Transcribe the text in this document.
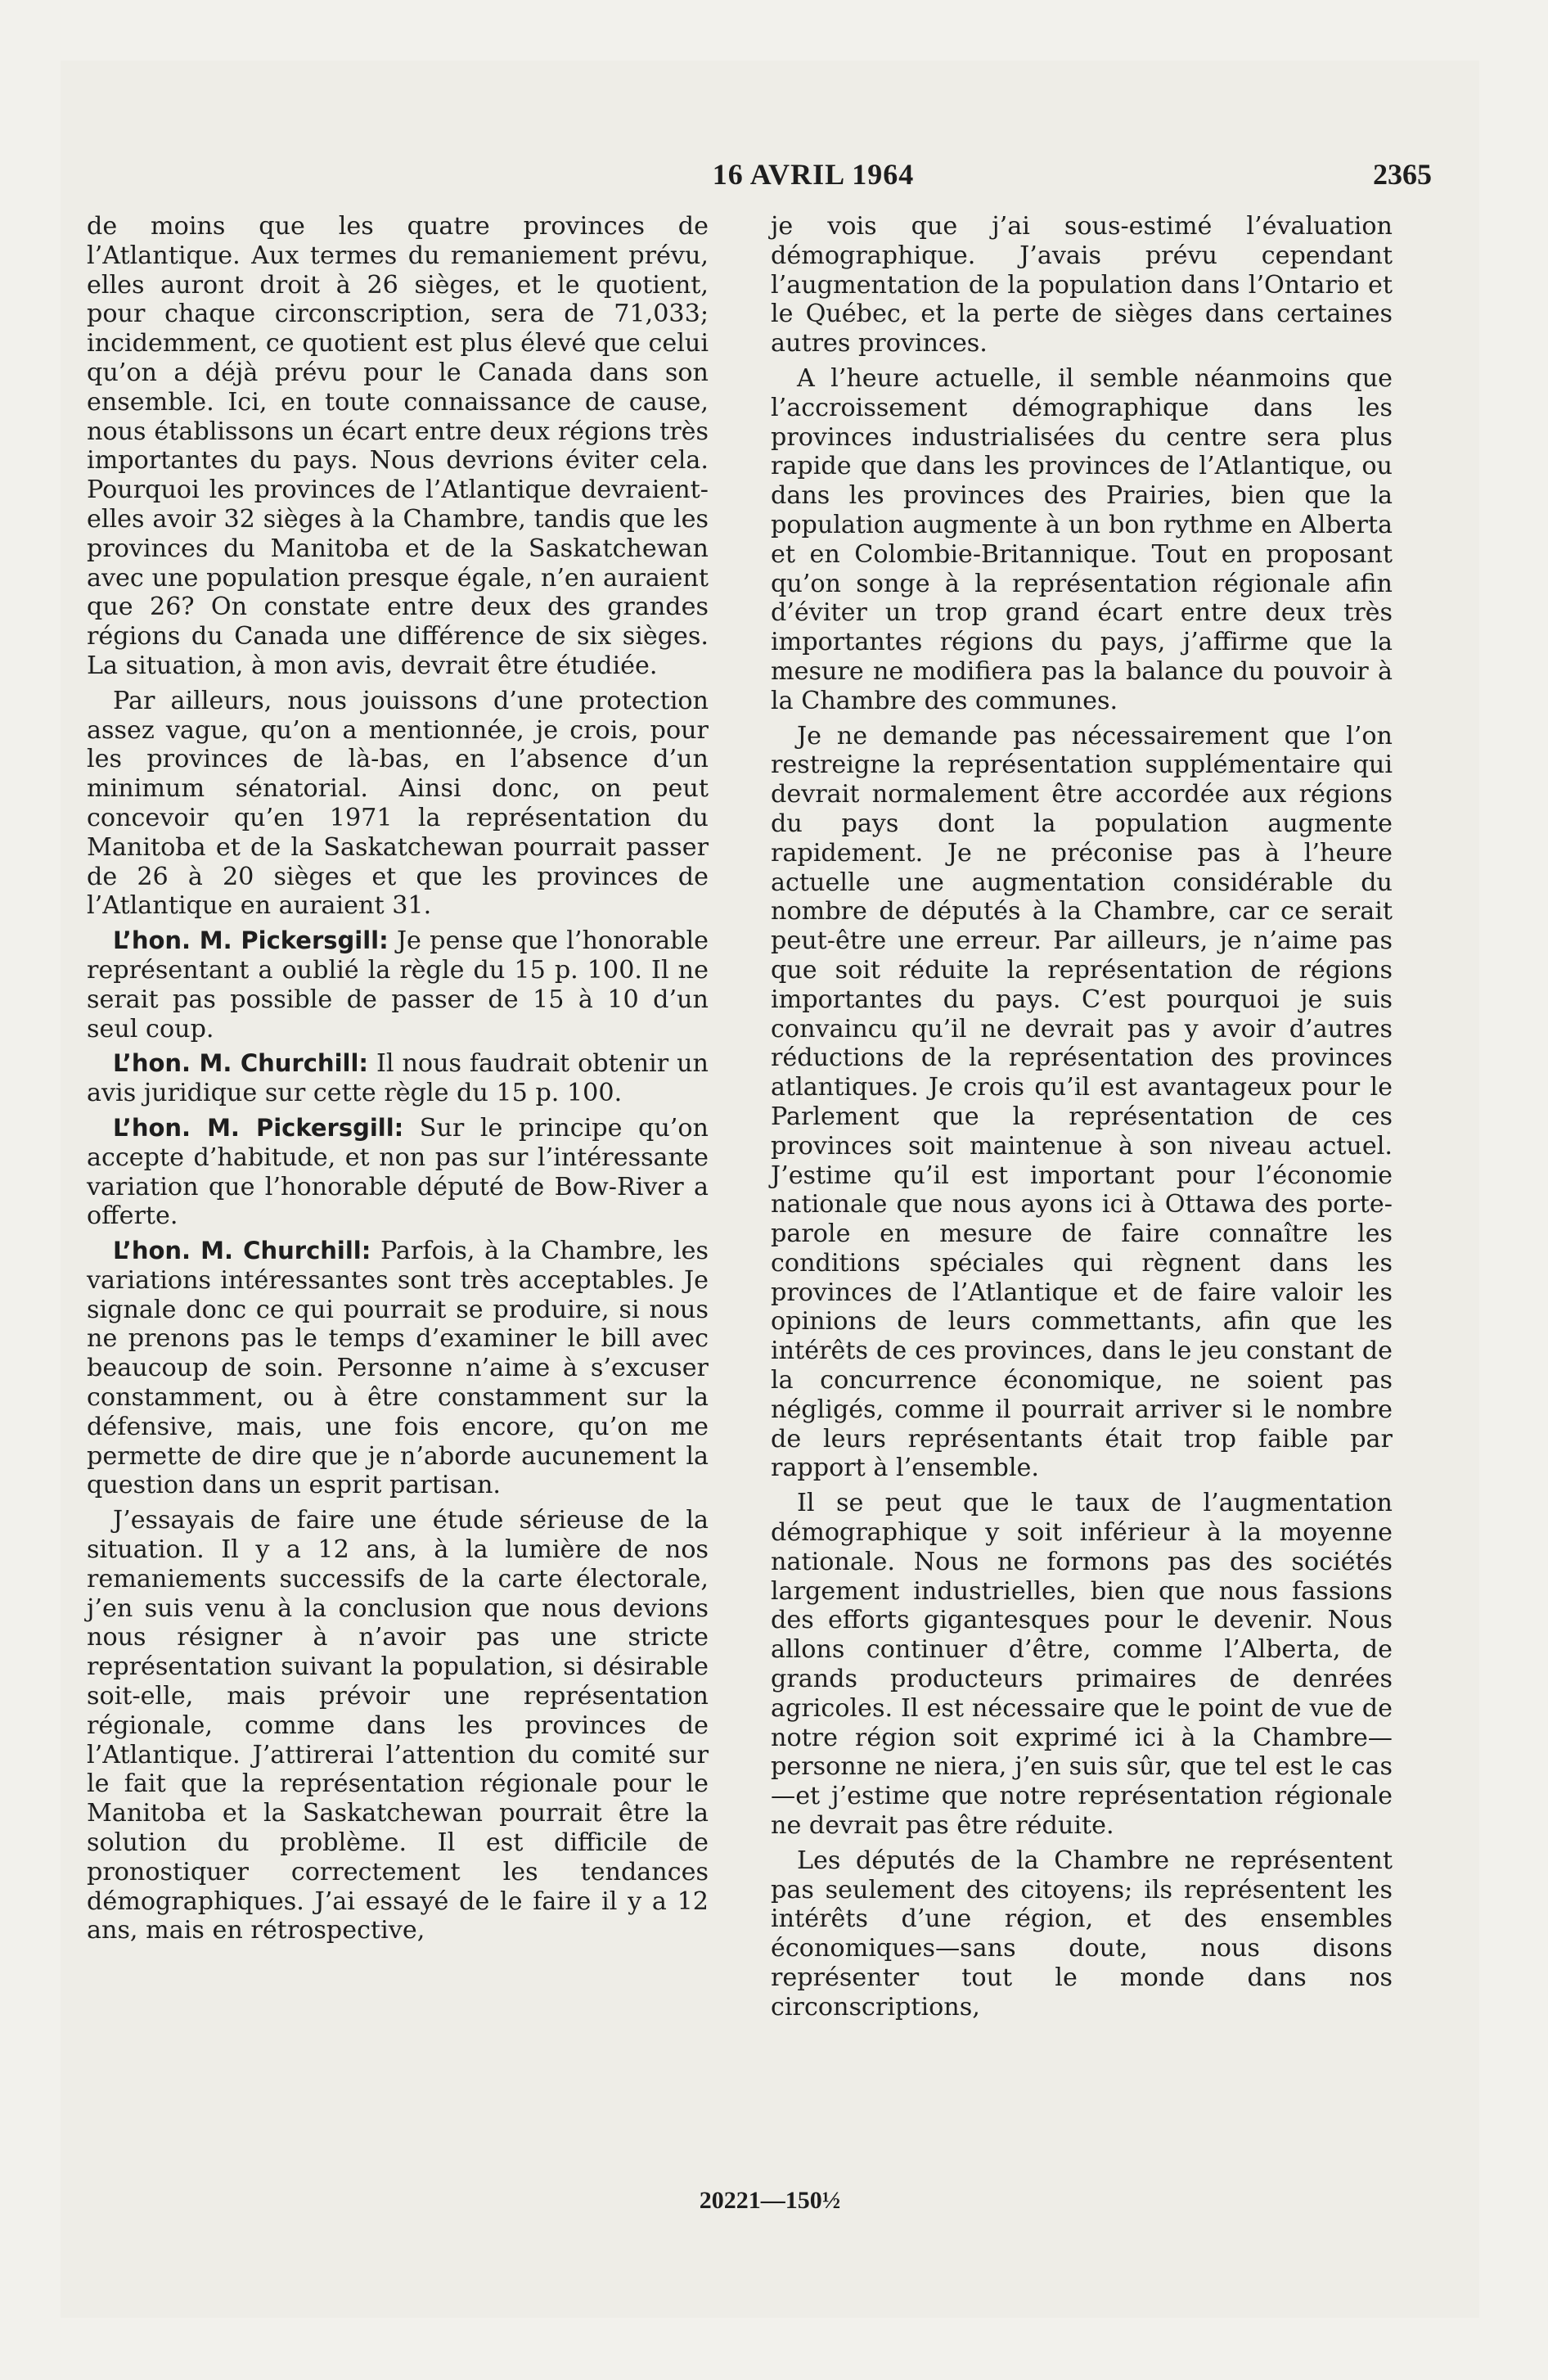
16 AVRIL 1964	2365

de moins que les quatre provinces de l’Atlantique. Aux termes du remaniement prévu, elles auront droit à 26 sièges, et le quotient, pour chaque circonscription, sera de 71,033; incidemment, ce quotient est plus élevé que celui qu’on a déjà prévu pour le Canada dans son ensemble. Ici, en toute connaissance de cause, nous établissons un écart entre deux régions très importantes du pays. Nous devrions éviter cela. Pourquoi les provinces de l’Atlantique devraient-elles avoir 32 sièges à la Chambre, tandis que les provinces du Manitoba et de la Saskatchewan avec une population presque égale, n’en auraient que 26? On constate entre deux des grandes régions du Canada une différence de six sièges. La situation, à mon avis, devrait être étudiée.

Par ailleurs, nous jouissons d’une protection assez vague, qu’on a mentionnée, je crois, pour les provinces de là-bas, en l’absence d’un minimum sénatorial. Ainsi donc, on peut concevoir qu’en 1971 la représentation du Manitoba et de la Saskatchewan pourrait passer de 26 à 20 sièges et que les provinces de l’Atlantique en auraient 31.

L’hon. M. Pickersgill: Je pense que l’honorable représentant a oublié la règle du 15 p. 100. Il ne serait pas possible de passer de 15 à 10 d’un seul coup.

L’hon. M. Churchill: Il nous faudrait obtenir un avis juridique sur cette règle du 15 p. 100.

L’hon. M. Pickersgill: Sur le principe qu’on accepte d’habitude, et non pas sur l’intéressante variation que l’honorable député de Bow-River a offerte.

L’hon. M. Churchill: Parfois, à la Chambre, les variations intéressantes sont très acceptables. Je signale donc ce qui pourrait se produire, si nous ne prenons pas le temps d’examiner le bill avec beaucoup de soin. Personne n’aime à s’excuser constamment, ou à être constamment sur la défensive, mais, une fois encore, qu’on me permette de dire que je n’aborde aucunement la question dans un esprit partisan.

J’essayais de faire une étude sérieuse de la situation. Il y a 12 ans, à la lumière de nos remaniements successifs de la carte électorale, j’en suis venu à la conclusion que nous devions nous résigner à n’avoir pas une stricte représentation suivant la population, si désirable soit-elle, mais prévoir une représentation régionale, comme dans les provinces de l’Atlantique. J’attirerai l’attention du comité sur le fait que la représentation régionale pour le Manitoba et la Saskatchewan pourrait être la solution du problème. Il est difficile de pronostiquer correctement les tendances démographiques. J’ai essayé de le faire il y a 12 ans, mais en rétrospective,

je vois que j’ai sous-estimé l’évaluation démographique. J’avais prévu cependant l’augmentation de la population dans l’Ontario et le Québec, et la perte de sièges dans certaines autres provinces.

A l’heure actuelle, il semble néanmoins que l’accroissement démographique dans les provinces industrialisées du centre sera plus rapide que dans les provinces de l’Atlantique, ou dans les provinces des Prairies, bien que la population augmente à un bon rythme en Alberta et en Colombie-Britannique. Tout en proposant qu’on songe à la représentation régionale afin d’éviter un trop grand écart entre deux très importantes régions du pays, j’affirme que la mesure ne modifiera pas la balance du pouvoir à la Chambre des communes.

Je ne demande pas nécessairement que l’on restreigne la représentation supplémentaire qui devrait normalement être accordée aux régions du pays dont la population augmente rapidement. Je ne préconise pas à l’heure actuelle une augmentation considérable du nombre de députés à la Chambre, car ce serait peut-être une erreur. Par ailleurs, je n’aime pas que soit réduite la représentation de régions importantes du pays. C’est pourquoi je suis convaincu qu’il ne devrait pas y avoir d’autres réductions de la représentation des provinces atlantiques. Je crois qu’il est avantageux pour le Parlement que la représentation de ces provinces soit maintenue à son niveau actuel. J’estime qu’il est important pour l’économie nationale que nous ayons ici à Ottawa des porte-parole en mesure de faire connaître les conditions spéciales qui règnent dans les provinces de l’Atlantique et de faire valoir les opinions de leurs commettants, afin que les intérêts de ces provinces, dans le jeu constant de la concurrence économique, ne soient pas négligés, comme il pourrait arriver si le nombre de leurs représentants était trop faible par rapport à l’ensemble.

Il se peut que le taux de l’augmentation démographique y soit inférieur à la moyenne nationale. Nous ne formons pas des sociétés largement industrielles, bien que nous fassions des efforts gigantesques pour le devenir. Nous allons continuer d’être, comme l’Alberta, de grands producteurs primaires de denrées agricoles. Il est nécessaire que le point de vue de notre région soit exprimé ici à la Chambre—personne ne niera, j’en suis sûr, que tel est le cas—et j’estime que notre représentation régionale ne devrait pas être réduite.

Les députés de la Chambre ne représentent pas seulement des citoyens; ils représentent les intérêts d’une région, et des ensembles économiques—sans doute, nous disons représenter tout le monde dans nos circonscriptions,

20221—150½
